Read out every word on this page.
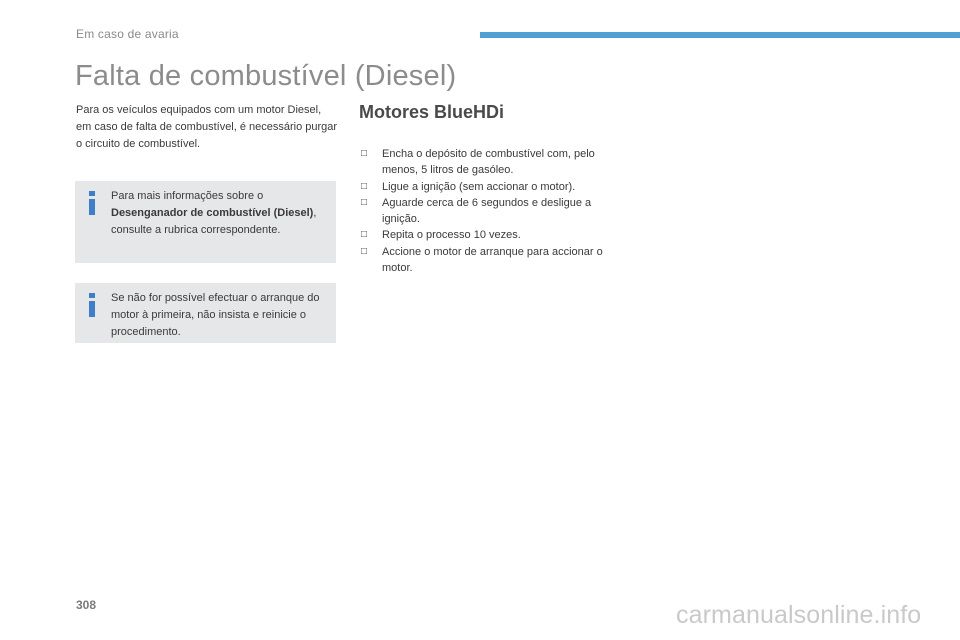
Em caso de avaria
Falta de combustível (Diesel)

Para os veículos equipados com um motor Diesel, em caso de falta de combustível, é necessário purgar o circuito de combustível.

Para mais informações sobre o Desenganador de combustível (Diesel), consulte a rubrica correspondente.
Se não for possível efectuar o arranque do motor à primeira, não insista e reinicie o procedimento.
Motores BlueHDi
□ Encha o depósito de combustível com, pelo menos, 5 litros de gasóleo.
□ Ligue a ignição (sem accionar o motor).
□ Aguarde cerca de 6 segundos e desligue a ignição.
□ Repita o processo 10 vezes.
□ Accione o motor de arranque para accionar o motor.
308	carmanualsonline.info
